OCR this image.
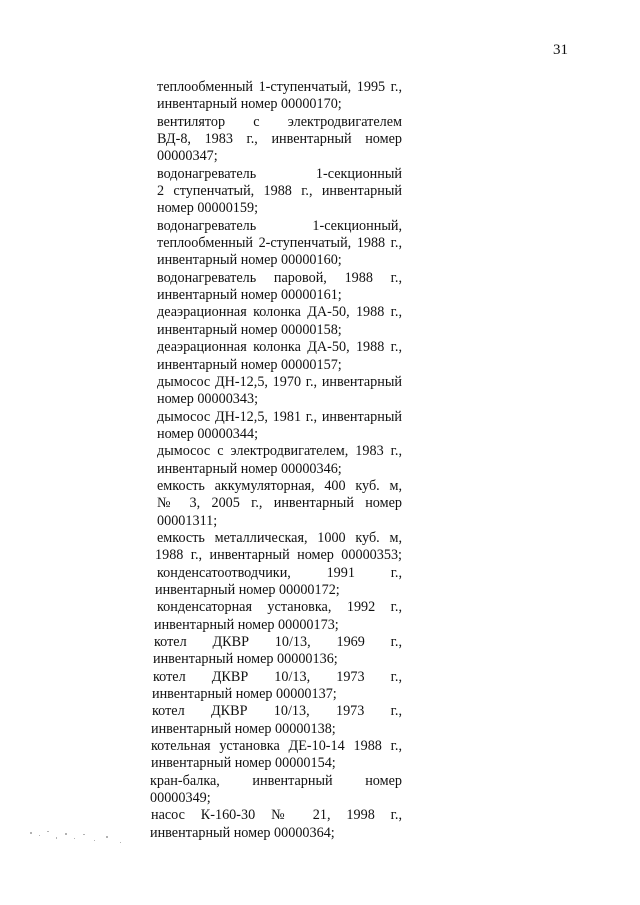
31
теплообменный 1-ступенчатый, 1995 г.,
инвентарный номер 00000170;
вентилятор с электродвигателем
ВД-8, 1983 г., инвентарный номер
00000347;
водонагреватель 1-секционный
2 ступенчатый, 1988 г., инвентарный
номер 00000159;
водонагреватель 1-секционный,
теплообменный 2-ступенчатый, 1988 г.,
инвентарный номер 00000160;
водонагреватель паровой, 1988 г.,
инвентарный номер 00000161;
деаэрационная колонка ДА-50, 1988 г.,
инвентарный номер 00000158;
деаэрационная колонка ДА-50, 1988 г.,
инвентарный номер 00000157;
дымосос ДН-12,5, 1970 г., инвентарный
номер 00000343;
дымосос ДН-12,5, 1981 г., инвентарный
номер 00000344;
дымосос с электродвигателем, 1983 г.,
инвентарный номер 00000346;
емкость аккумуляторная, 400 куб. м,
№ 3, 2005 г., инвентарный номер
00001311;
емкость металлическая, 1000 куб. м,
1988 г., инвентарный номер 00000353;
конденсатоотводчики, 1991 г.,
инвентарный номер 00000172;
конденсаторная установка, 1992 г.,
инвентарный номер 00000173;
котел ДКВР 10/13, 1969 г.,
инвентарный номер 00000136;
котел ДКВР 10/13, 1973 г.,
инвентарный номер 00000137;
котел ДКВР 10/13, 1973 г.,
инвентарный номер 00000138;
котельная установка ДЕ-10-14 1988 г.,
инвентарный номер 00000154;
кран-балка, инвентарный номер
00000349;
насос К-160-30 № 21, 1998 г.,
инвентарный номер 00000364;
